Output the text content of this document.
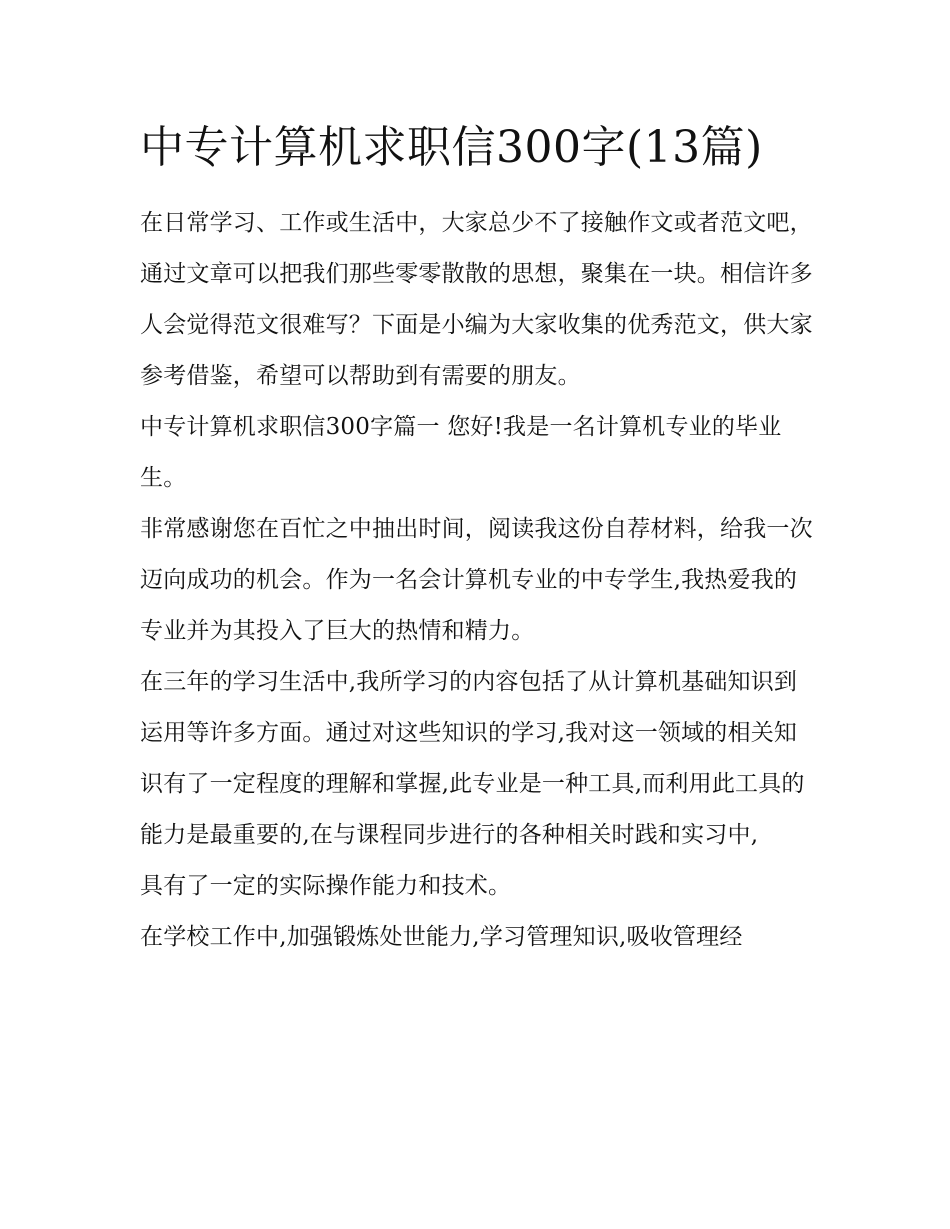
中专计算机求职信300字(13篇)

在日常学习、工作或生活中，大家总少不了接触作文或者范文吧，通过文章可以把我们那些零零散散的思想，聚集在一块。相信许多人会觉得范文很难写？下面是小编为大家收集的优秀范文，供大家参考借鉴，希望可以帮助到有需要的朋友。

中专计算机求职信300字篇一 您好!我是一名计算机专业的毕业生。

非常感谢您在百忙之中抽出时间，阅读我这份自荐材料，给我一次迈向成功的机会。作为一名会计算机专业的中专学生,我热爱我的专业并为其投入了巨大的热情和精力。

在三年的学习生活中,我所学习的内容包括了从计算机基础知识到运用等许多方面。通过对这些知识的学习,我对这一领域的相关知识有了一定程度的理解和掌握,此专业是一种工具,而利用此工具的能力是最重要的,在与课程同步进行的各种相关时践和实习中,

具有了一定的实际操作能力和技术。

在学校工作中,加强锻炼处世能力,学习管理知识,吸收管理经
